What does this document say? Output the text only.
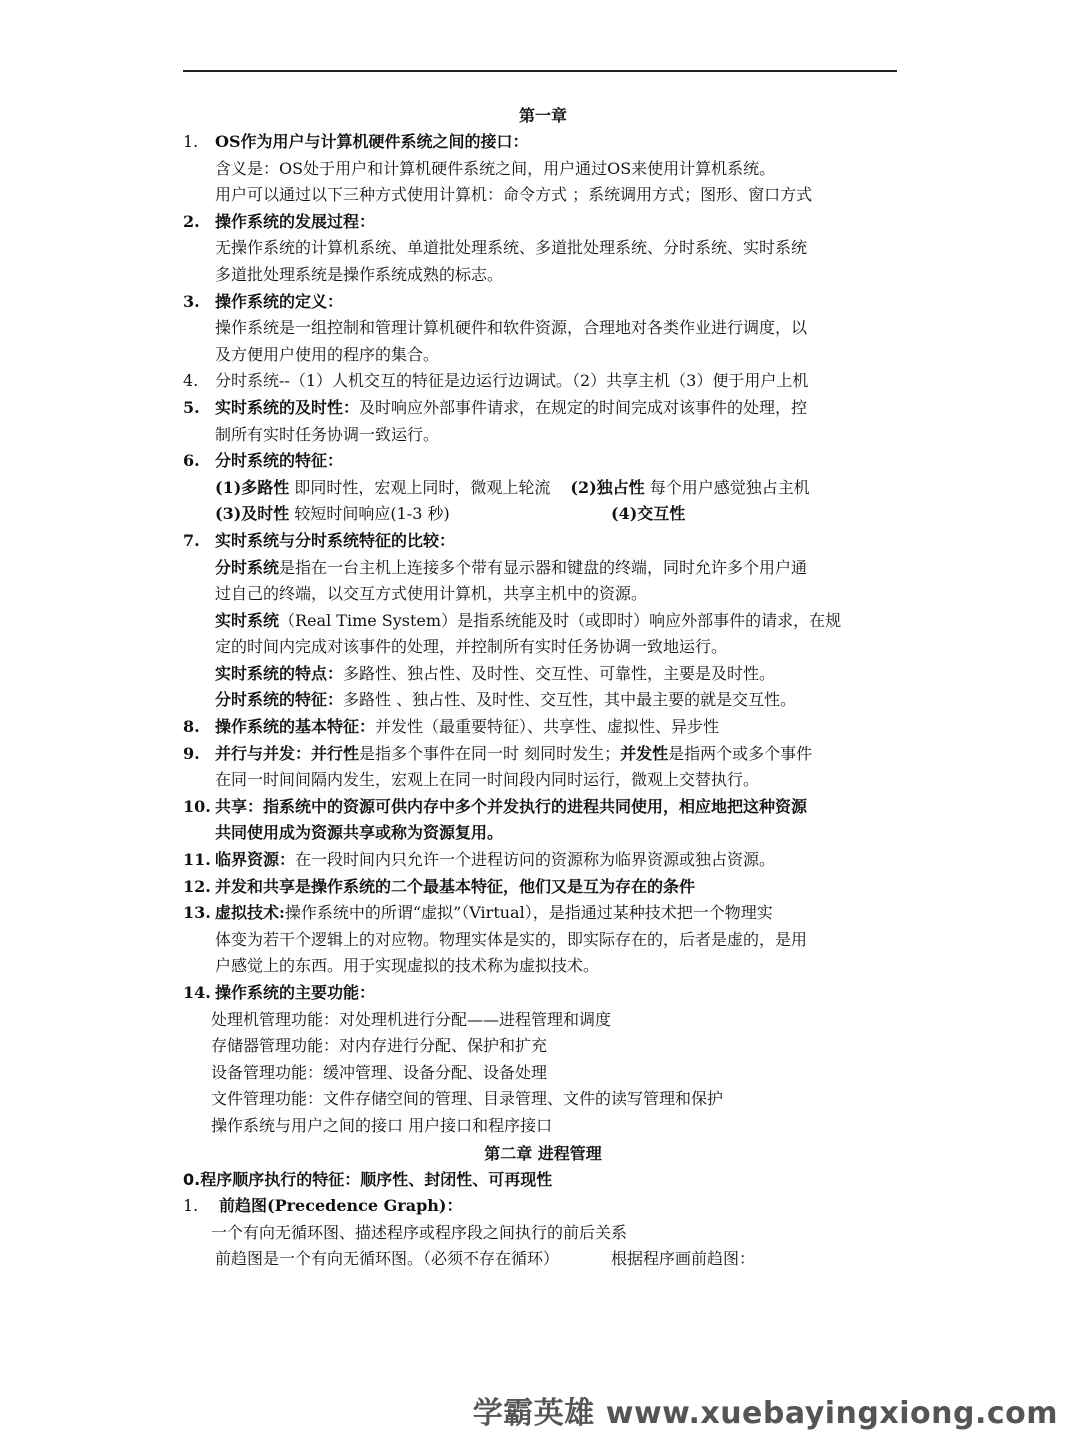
第一章
1.	OS作为用户与计算机硬件系统之间的接口：
含义是：OS处于用户和计算机硬件系统之间，用户通过OS来使用计算机系统。
用户可以通过以下三种方式使用计算机：命令方式 ；系统调用方式；图形、窗口方式
2. 操作系统的发展过程：
无操作系统的计算机系统、单道批处理系统、多道批处理系统、分时系统、实时系统
多道批处理系统是操作系统成熟的标志。
3. 操作系统的定义：
操作系统是一组控制和管理计算机硬件和软件资源，合理地对各类作业进行调度，以
及方便用户使用的程序的集合。
4.	分时系统--（1）人机交互的特征是边运行边调试。（2）共享主机（3）便于用户上机
5. 实时系统的及时性：及时响应外部事件请求，在规定的时间完成对该事件的处理，控
制所有实时任务协调一致运行。
6. 分时系统的特征：
(1)多路性 即同时性，宏观上同时，微观上轮流 (2)独占性 每个用户感觉独占主机
(3)及时性 较短时间响应(1-3 秒)	(4)交互性
7. 实时系统与分时系统特征的比较：
分时系统是指在一台主机上连接多个带有显示器和键盘的终端，同时允许多个用户通
过自己的终端，以交互方式使用计算机，共享主机中的资源。
实时系统（Real Time System）是指系统能及时（或即时）响应外部事件的请求，在规
定的时间内完成对该事件的处理，并控制所有实时任务协调一致地运行。
实时系统的特点：多路性、独占性、及时性、交互性、可靠性，主要是及时性。
分时系统的特征：多路性 、独占性、及时性、交互性，其中最主要的就是交互性。
8. 操作系统的基本特征：并发性（最重要特征）、共享性、虚拟性、异步性
9. 并行与并发：并行性是指多个事件在同一时 刻同时发生；并发性是指两个或多个事件
在同一时间间隔内发生，宏观上在同一时间段内同时运行，微观上交替执行。
10. 共享：指系统中的资源可供内存中多个并发执行的进程共同使用，相应地把这种资源
共同使用成为资源共享或称为资源复用。
11. 临界资源：在一段时间内只允许一个进程访问的资源称为临界资源或独占资源。
12. 并发和共享是操作系统的二个最基本特征，他们又是互为存在的条件
13. 虚拟技术:操作系统中的所谓“虚拟”（Virtual），是指通过某种技术把一个物理实
体变为若干个逻辑上的对应物。物理实体是实的，即实际存在的，后者是虚的，是用
户感觉上的东西。用于实现虚拟的技术称为虚拟技术。
14. 操作系统的主要功能：
处理机管理功能：对处理机进行分配——进程管理和调度
存储器管理功能：对内存进行分配、保护和扩充
设备管理功能：缓冲管理、设备分配、设备处理
文件管理功能：文件存储空间的管理、目录管理、文件的读写管理和保护
操作系统与用户之间的接口 用户接口和程序接口
第二章 进程管理
0.程序顺序执行的特征：顺序性、封闭性、可再现性
1.	前趋图(Precedence Graph)：
一个有向无循环图、描述程序或程序段之间执行的前后关系
前趋图是一个有向无循环图。（必须不存在循环）	根据程序画前趋图：
学霸英雄 www.xuebayingxiong.com
